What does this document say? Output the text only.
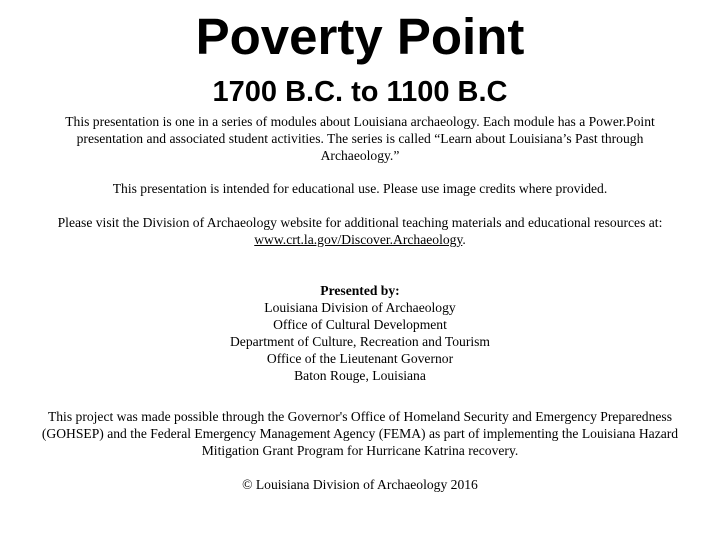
Poverty Point
1700 B.C. to 1100 B.C
This presentation is one in a series of modules about Louisiana archaeology. Each module has a Power.Point presentation and associated student activities. The series is called “Learn about Louisiana’s Past through Archaeology.”
This presentation is intended for educational use. Please use image credits where provided.
Please visit the Division of Archaeology website for additional teaching materials and educational resources at: www.crt.la.gov/Discover.Archaeology.
Presented by:
Louisiana Division of Archaeology
Office of Cultural Development
Department of Culture, Recreation and Tourism
Office of the Lieutenant Governor
Baton Rouge, Louisiana
This project was made possible through the Governor's Office of Homeland Security and Emergency Preparedness (GOHSEP) and the Federal Emergency Management Agency (FEMA) as part of implementing the Louisiana Hazard Mitigation Grant Program for Hurricane Katrina recovery.
© Louisiana Division of Archaeology 2016
